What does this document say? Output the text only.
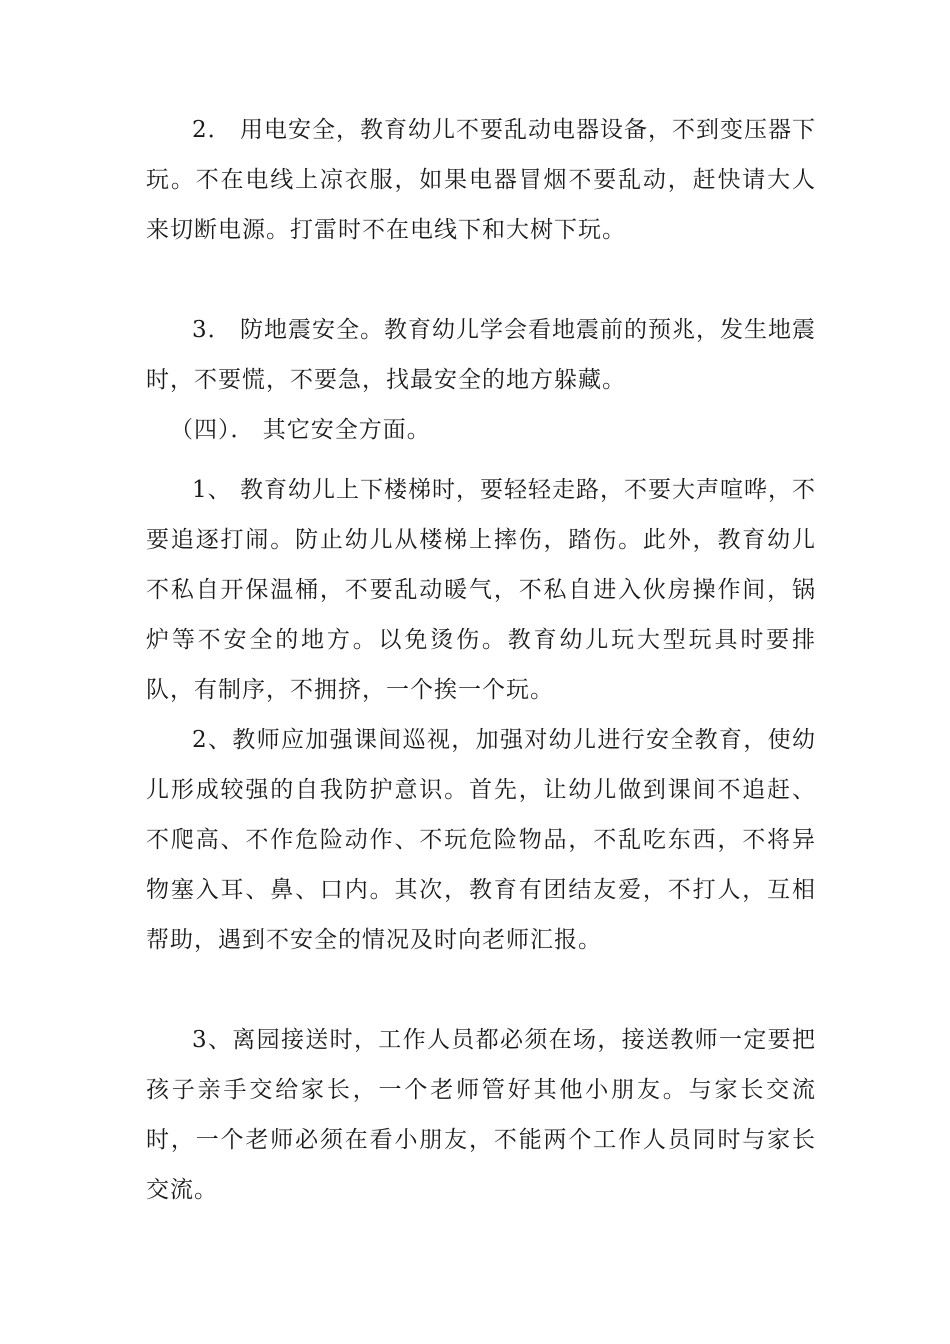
2． 用电安全，教育幼儿不要乱动电器设备，不到变压器下玩。不在电线上凉衣服，如果电器冒烟不要乱动，赶快请大人来切断电源。打雷时不在电线下和大树下玩。

3． 防地震安全。教育幼儿学会看地震前的预兆，发生地震时，不要慌，不要急，找最安全的地方躲藏。

（四）． 其它安全方面。

1、 教育幼儿上下楼梯时，要轻轻走路，不要大声喧哗，不要追逐打闹。防止幼儿从楼梯上摔伤，踏伤。此外，教育幼儿不私自开保温桶，不要乱动暖气，不私自进入伙房操作间，锅炉等不安全的地方。以免烫伤。教育幼儿玩大型玩具时要排队，有制序，不拥挤，一个挨一个玩。

2、教师应加强课间巡视，加强对幼儿进行安全教育，使幼儿形成较强的自我防护意识。首先，让幼儿做到课间不追赶、不爬高、不作危险动作、不玩危险物品，不乱吃东西，不将异物塞入耳、鼻、口内。其次，教育有团结友爱，不打人，互相帮助，遇到不安全的情况及时向老师汇报。

3、离园接送时，工作人员都必须在场，接送教师一定要把孩子亲手交给家长，一个老师管好其他小朋友。与家长交流时，一个老师必须在看小朋友，不能两个工作人员同时与家长交流。
